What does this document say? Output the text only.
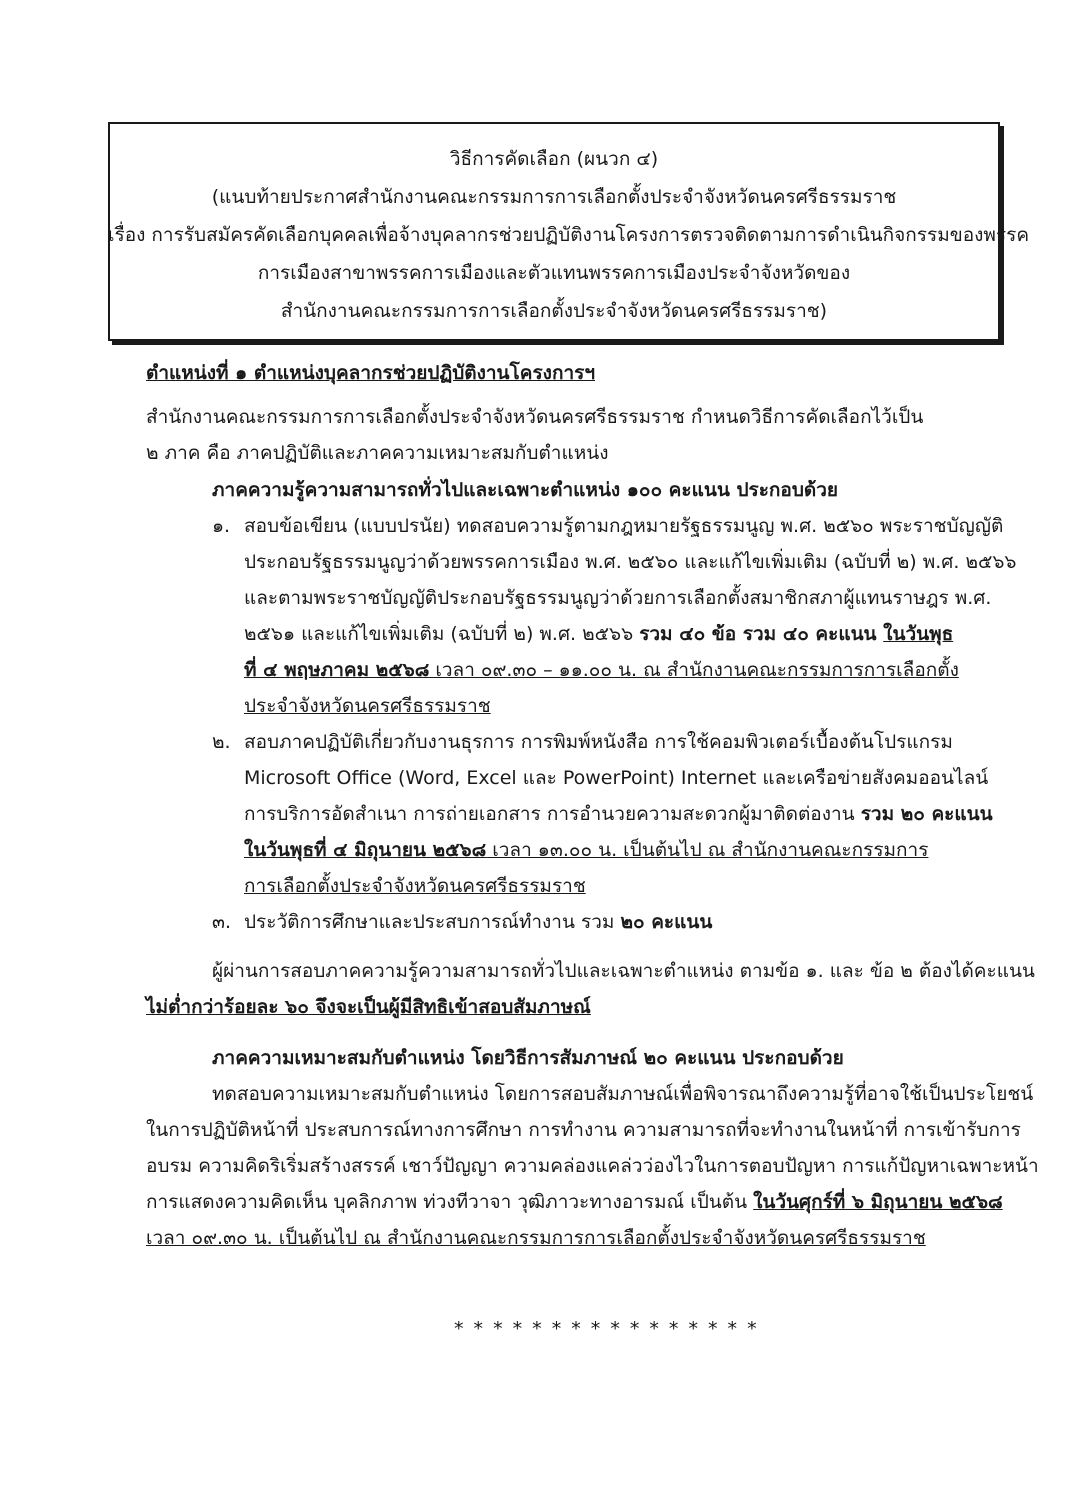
วิธีการคัดเลือก (ผนวก ๔)
(แนบท้ายประกาศสำนักงานคณะกรรมการการเลือกตั้งประจำจังหวัดนครศรีธรรมราช
เรื่อง การรับสมัครคัดเลือกบุคคลเพื่อจ้างบุคลากรช่วยปฏิบัติงานโครงการตรวจติดตามการดำเนินกิจกรรมของพรรค
การเมืองสาขาพรรคการเมืองและตัวแทนพรรคการเมืองประจำจังหวัดของ
สำนักงานคณะกรรมการการเลือกตั้งประจำจังหวัดนครศรีธรรมราช)
ตำแหน่งที่ ๑ ตำแหน่งบุคลากรช่วยปฏิบัติงานโครงการฯ
สำนักงานคณะกรรมการการเลือกตั้งประจำจังหวัดนครศรีธรรมราช กำหนดวิธีการคัดเลือกไว้เป็น
๒ ภาค คือ ภาคปฏิบัติและภาคความเหมาะสมกับตำแหน่ง
ภาคความรู้ความสามารถทั่วไปและเฉพาะตำแหน่ง ๑๐๐ คะแนน ประกอบด้วย
๑. สอบข้อเขียน (แบบปรนัย) ทดสอบความรู้ตามกฎหมายรัฐธรรมนูญ พ.ศ. ๒๕๖๐ พระราชบัญญัติ
ประกอบรัฐธรรมนูญว่าด้วยพรรคการเมือง พ.ศ. ๒๕๖๐ และแก้ไขเพิ่มเติม (ฉบับที่ ๒) พ.ศ. ๒๕๖๖
และตามพระราชบัญญัติประกอบรัฐธรรมนูญว่าด้วยการเลือกตั้งสมาชิกสภาผู้แทนราษฎร พ.ศ.
๒๕๖๑ และแก้ไขเพิ่มเติม (ฉบับที่ ๒) พ.ศ. ๒๕๖๖ รวม ๔๐ ข้อ รวม ๔๐ คะแนน ในวันพุธ
ที่ ๔ พฤษภาคม ๒๕๖๘ เวลา ๐๙.๓๐ – ๑๑.๐๐ น. ณ สำนักงานคณะกรรมการการเลือกตั้ง
ประจำจังหวัดนครศรีธรรมราช
๒. สอบภาคปฏิบัติเกี่ยวกับงานธุรการ การพิมพ์หนังสือ การใช้คอมพิวเตอร์เบื้องต้นโปรแกรม
Microsoft Office (Word, Excel และ PowerPoint) Internet และเครือข่ายสังคมออนไลน์
การบริการอัดสำเนา การถ่ายเอกสาร การอำนวยความสะดวกผู้มาติดต่องาน รวม ๒๐ คะแนน
ในวันพุธที่ ๔ มิถุนายน ๒๕๖๘ เวลา ๑๓.๐๐ น. เป็นต้นไป ณ สำนักงานคณะกรรมการ
การเลือกตั้งประจำจังหวัดนครศรีธรรมราช
๓. ประวัติการศึกษาและประสบการณ์ทำงาน รวม ๒๐ คะแนน
ผู้ผ่านการสอบภาคความรู้ความสามารถทั่วไปและเฉพาะตำแหน่ง ตามข้อ ๑. และ ข้อ ๒ ต้องได้คะแนน
ไม่ต่ำกว่าร้อยละ ๖๐ จึงจะเป็นผู้มีสิทธิเข้าสอบสัมภาษณ์
ภาคความเหมาะสมกับตำแหน่ง โดยวิธีการสัมภาษณ์ ๒๐ คะแนน ประกอบด้วย
ทดสอบความเหมาะสมกับตำแหน่ง โดยการสอบสัมภาษณ์เพื่อพิจารณาถึงความรู้ที่อาจใช้เป็นประโยชน์
ในการปฏิบัติหน้าที่ ประสบการณ์ทางการศึกษา การทำงาน ความสามารถที่จะทำงานในหน้าที่ การเข้ารับการ
อบรม ความคิดริเริ่มสร้างสรรค์ เชาว์ปัญญา ความคล่องแคล่วว่องไวในการตอบปัญหา การแก้ปัญหาเฉพาะหน้า
การแสดงความคิดเห็น บุคลิกภาพ ท่วงทีวาจา วุฒิภาวะทางอารมณ์ เป็นต้น ในวันศุกร์ที่ ๖ มิถุนายน ๒๕๖๘
เวลา ๐๙.๓๐ น. เป็นต้นไป ณ สำนักงานคณะกรรมการการเลือกตั้งประจำจังหวัดนครศรีธรรมราช
* * * * * * * * * * * * * * * *
